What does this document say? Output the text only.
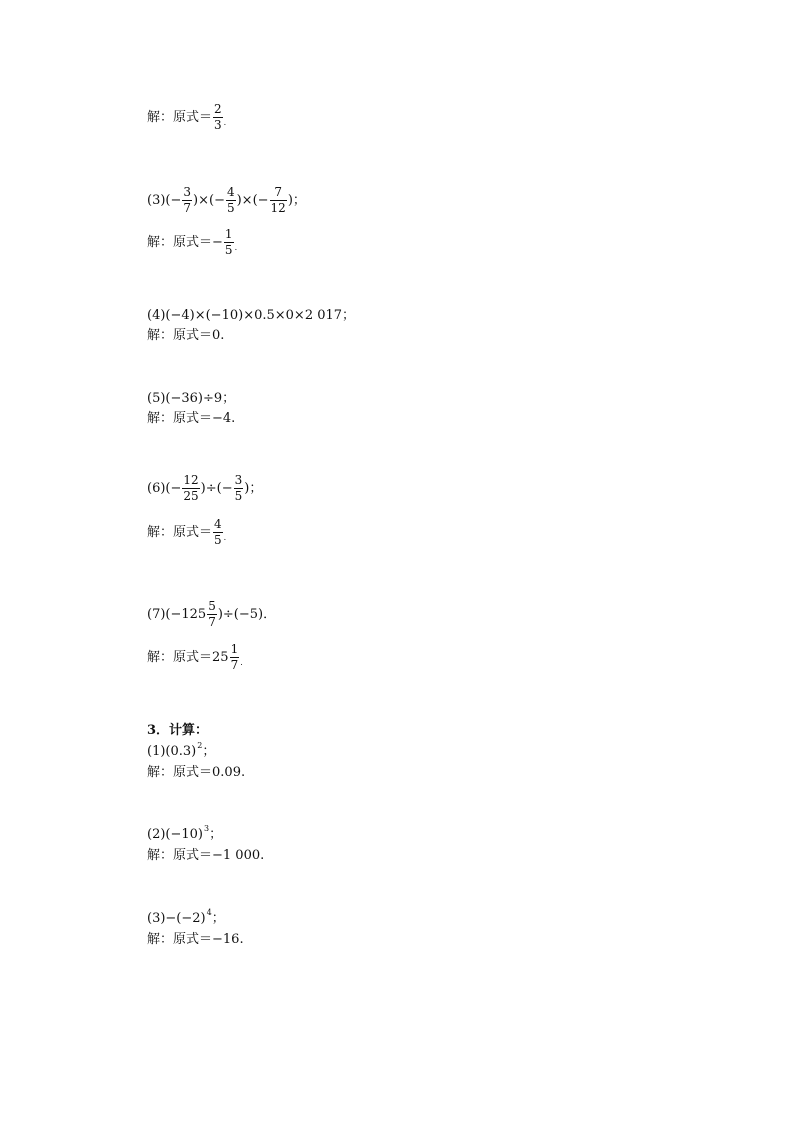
解：原式＝ $\frac{2}{3}$ .
$(3)(- \frac{3}{7}$ )×(− $\frac{4}{5}$ )×(− $\frac{7}{12}$ )；
解：原式＝ − $\frac{1}{5}$ .
(4)(−4)×(−10)×0.5×0×2 017；
解：原式＝ 0.
(5)(−36)÷9；
解：原式＝ −4.
$(6)(- \frac{12}{25}$ )÷(− $\frac{3}{5}$ )；
解：原式＝ $\frac{4}{5}$ .
$(7)(-125 \frac{5}{7} )\div(-5)$．
解：原式＝ $25 \frac{1}{7}$ .
3．计算：
(1)(0.3) 2 ；
解：原式＝ 0.09.
(2)(−10) 3 ；
解：原式＝ −1 000.
(3)−(−2) 4 ；
解：原式＝ −16.
